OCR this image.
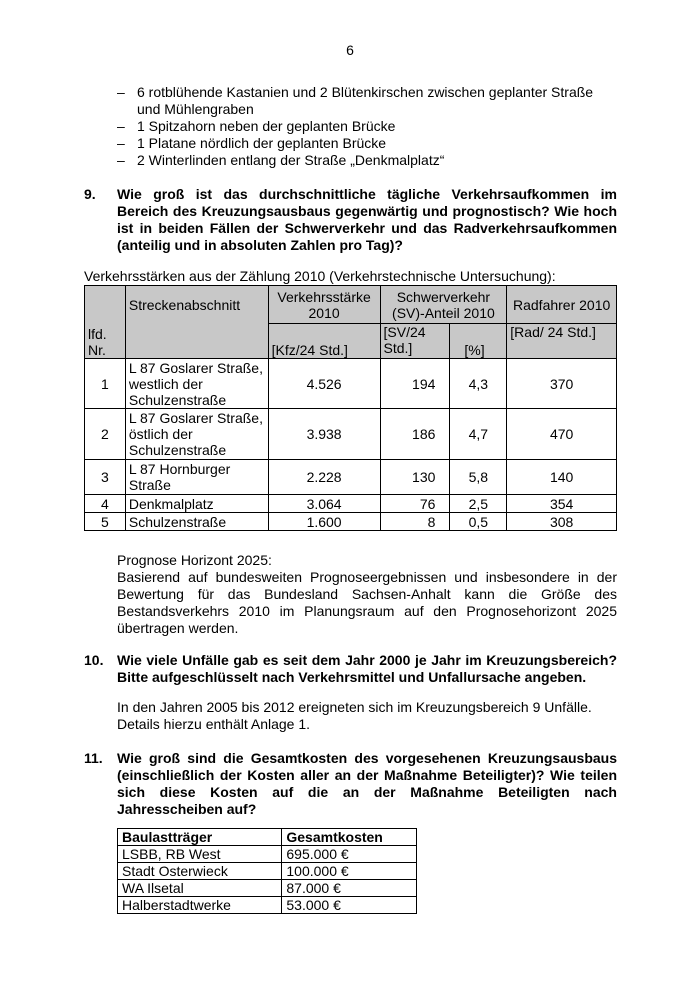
6
– 6 rotblühende Kastanien und 2 Blütenkirschen zwischen geplanter Straße und Mühlengraben
– 1 Spitzahorn neben der geplanten Brücke
– 1 Platane nördlich der geplanten Brücke
– 2 Winterlinden entlang der Straße „Denkmalplatz“
9. Wie groß ist das durchschnittliche tägliche Verkehrsaufkommen im Bereich des Kreuzungsausbaus gegenwärtig und prognostisch? Wie hoch ist in beiden Fällen der Schwerverkehr und das Radverkehrsaufkommen (anteilig und in absoluten Zahlen pro Tag)?
Verkehrsstärken aus der Zählung 2010 (Verkehrstechnische Untersuchung):
lfd. Nr.	Streckenabschnitt	Verkehrsstärke 2010	Schwerverkehr (SV)-Anteil 2010		Radfahrer 2010
		[Kfz/24 Std.]	[SV/24 Std.]	[%]	[Rad/ 24 Std.]
1	L 87 Goslarer Straße, westlich der Schulzenstraße	4.526	194	4,3	370
2	L 87 Goslarer Straße, östlich der Schulzenstraße	3.938	186	4,7	470
3	L 87 Hornburger Straße	2.228	130	5,8	140
4	Denkmalplatz	3.064	76	2,5	354
5	Schulzenstraße	1.600	8	0,5	308
Prognose Horizont 2025:
Basierend auf bundesweiten Prognoseergebnissen und insbesondere in der Bewertung für das Bundesland Sachsen-Anhalt kann die Größe des Bestandsverkehrs 2010 im Planungsraum auf den Prognosehorizont 2025 übertragen werden.
10. Wie viele Unfälle gab es seit dem Jahr 2000 je Jahr im Kreuzungsbereich? Bitte aufgeschlüsselt nach Verkehrsmittel und Unfallursache angeben.
In den Jahren 2005 bis 2012 ereigneten sich im Kreuzungsbereich 9 Unfälle. Details hierzu enthält Anlage 1.
11. Wie groß sind die Gesamtkosten des vorgesehenen Kreuzungsausbaus (einschließlich der Kosten aller an der Maßnahme Beteiligter)? Wie teilen sich diese Kosten auf die an der Maßnahme Beteiligten nach Jahresscheiben auf?
Baulastträger	Gesamtkosten
LSBB, RB West	695.000 €
Stadt Osterwieck	100.000 €
WA Ilsetal	87.000 €
Halberstadtwerke	53.000 €
